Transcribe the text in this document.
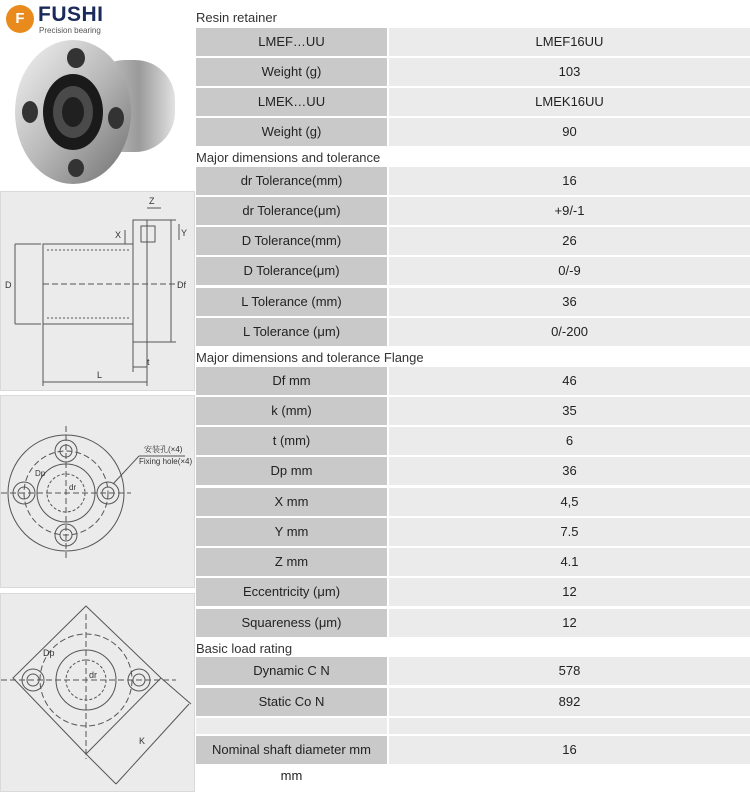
F FUSHI
Precision bearing
D	Df
L
t
Z
X	Y
安装孔(×4)
Fixing hole(×4)
Dp
dr
Dp
dr
K
Resin retainer
LMEF…UU	LMEF16UU
Weight (g)	103
LMEK…UU	LMEK16UU
Weight (g)	90
Major dimensions and tolerance
dr Tolerance(mm)	16
dr Tolerance(μm)	+9/-1
D Tolerance(mm)	26
D Tolerance(μm)	0/-9
L Tolerance (mm)	36
L Tolerance (μm)	0/-200
Major dimensions and tolerance Flange
Df mm	46
k (mm)	35
t (mm)	6
Dp mm	36
X mm	4,5
Y mm	7.5
Z mm	4.1
Eccentricity (μm)	12
Squareness (μm)	12
Basic load rating
Dynamic C N	578
Static Co N	892
Nominal shaft diameter mm	16
mm
